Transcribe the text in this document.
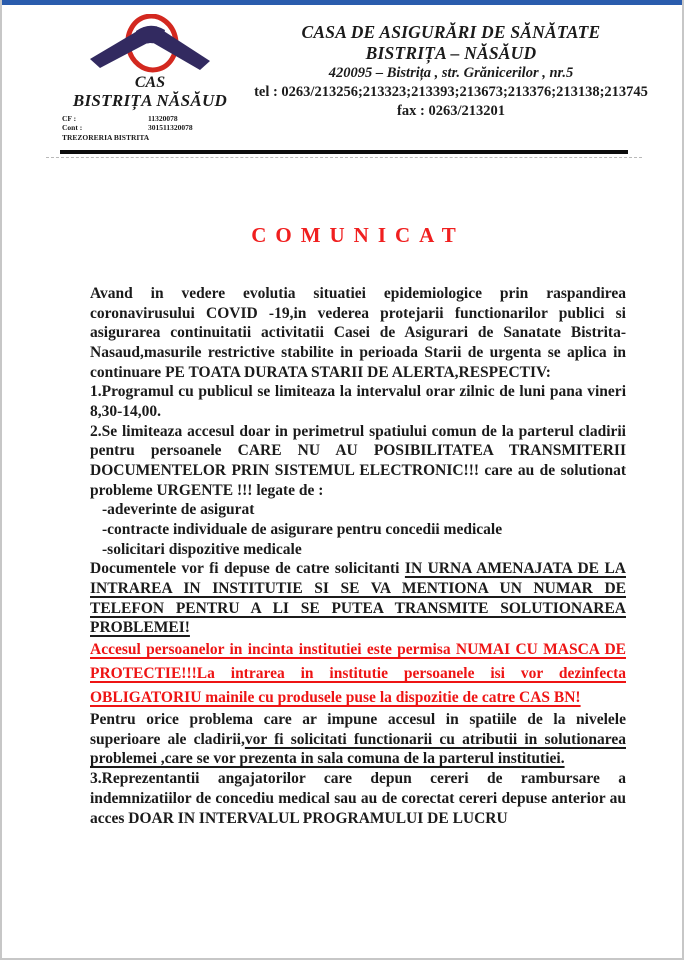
CAS
BISTRIȚA NĂSĂUD
CF :	11320078
Cont :	301511320078
TREZORERIA BISTRITA
CASA DE ASIGURĂRI DE SĂNĂTATE
BISTRIȚA – NĂSĂUD
420095 – Bistrița , str. Grănicerilor , nr.5
tel : 0263/213256;213323;213393;213673;213376;213138;213745
fax : 0263/213201
COMUNICAT

Avand in vedere evolutia situatiei epidemiologice prin raspandirea coronavirusului COVID -19,in vederea protejarii functionarilor publici si asigurarea continuitatii activitatii Casei de Asigurari de Sanatate Bistrita-Nasaud,masurile restrictive stabilite in perioada Starii de urgenta se aplica in continuare PE TOATA DURATA STARII DE ALERTA,RESPECTIV:

1.Programul cu publicul se limiteaza la intervalul orar zilnic de luni pana vineri 8,30-14,00.

2.Se limiteaza accesul doar in perimetrul spatiului comun de la parterul cladirii pentru persoanele CARE NU AU POSIBILITATEA TRANSMITERII DOCUMENTELOR PRIN SISTEMUL ELECTRONIC!!! care au de solutionat probleme URGENTE !!! legate de :

-adeverinte de asigurat
-contracte individuale de asigurare pentru concedii medicale
-solicitari dispozitive medicale

Documentele vor fi depuse de catre solicitanti IN URNA AMENAJATA DE LA INTRAREA IN INSTITUTIE SI SE VA MENTIONA UN NUMAR DE TELEFON PENTRU A LI SE PUTEA TRANSMITE SOLUTIONAREA PROBLEMEI!

Accesul persoanelor in incinta institutiei este permisa NUMAI CU MASCA DE PROTECTIE!!!La intrarea in institutie persoanele isi vor dezinfecta OBLIGATORIU mainile cu produsele puse la dispozitie de catre CAS BN!

Pentru orice problema care ar impune accesul in spatiile de la nivelele superioare ale cladirii,vor fi solicitati functionarii cu atributii in solutionarea problemei ,care se vor prezenta in sala comuna de la parterul institutiei.

3.Reprezentantii angajatorilor care depun cereri de rambursare a indemnizatiilor de concediu medical sau au de corectat cereri depuse anterior au acces DOAR IN INTERVALUL PROGRAMULUI DE LUCRU
